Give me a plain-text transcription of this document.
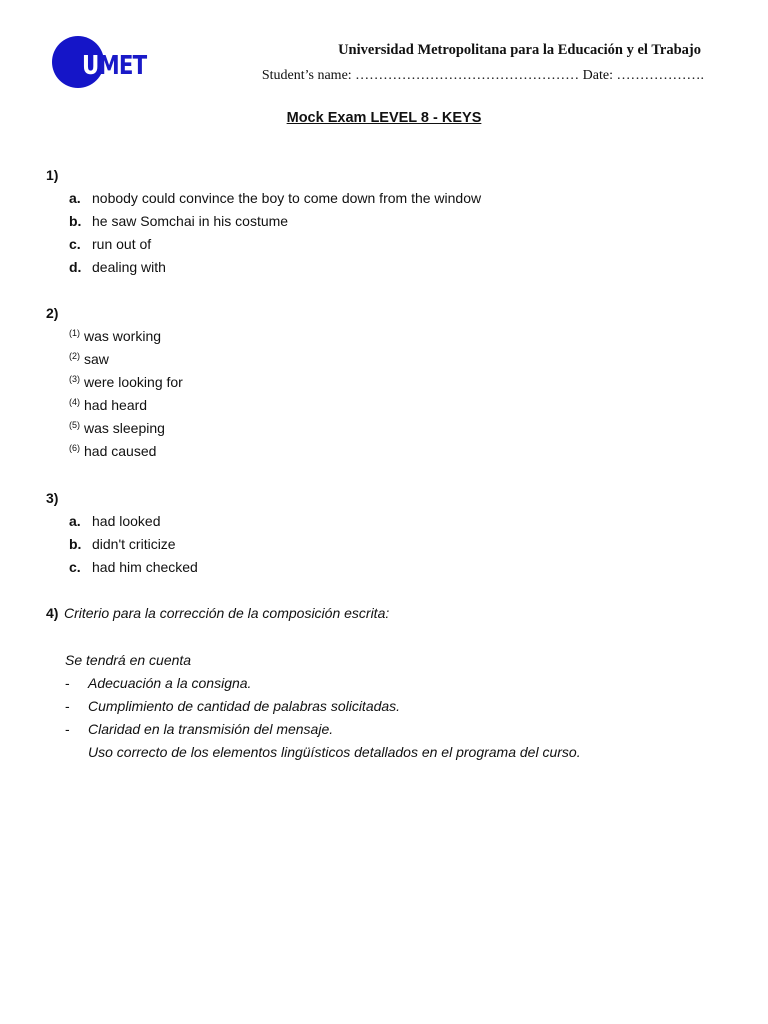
UMET
Universidad Metropolitana para la Educación y el Trabajo
Student’s name: ………………………………………… Date: ……………….
Mock Exam LEVEL 8 - KEYS
1)
a. nobody could convince the boy to come down from the window
b. he saw Somchai in his costume
c. run out of
d. dealing with
2)
(1) was working
(2) saw
(3) were looking for
(4) had heard
(5) was sleeping
(6) had caused
3)
a. had looked
b. didn't criticize
c. had him checked
4) Criterio para la corrección de la composición escrita:
Se tendrá en cuenta
- Adecuación a la consigna.
- Cumplimiento de cantidad de palabras solicitadas.
- Claridad en la transmisión del mensaje.
Uso correcto de los elementos lingüísticos detallados en el programa del curso.
